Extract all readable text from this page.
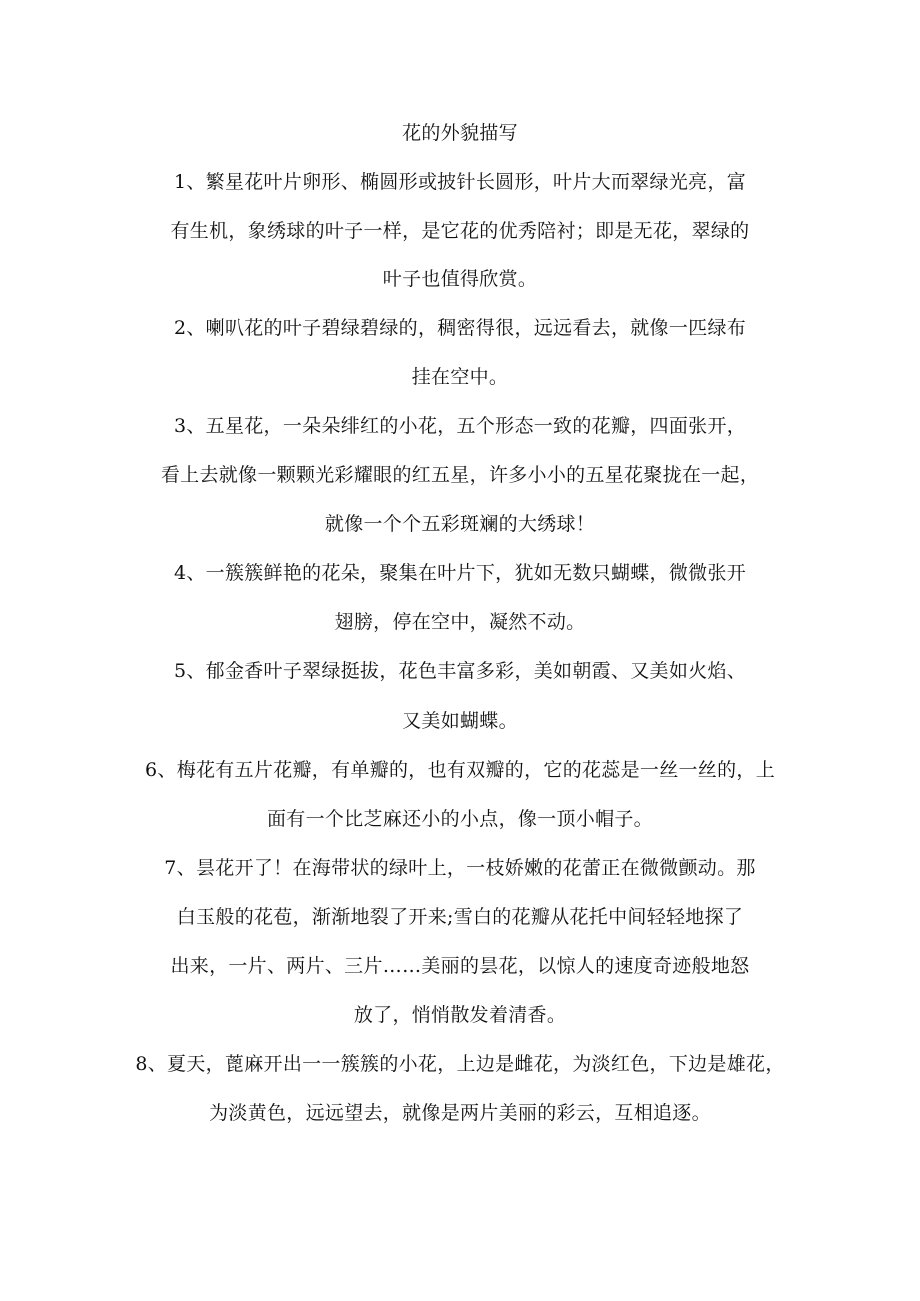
花的外貌描写
1、繁星花叶片卵形、椭圆形或披针长圆形，叶片大而翠绿光亮，富
有生机，象绣球的叶子一样，是它花的优秀陪衬；即是无花，翠绿的
叶子也值得欣赏。
2、喇叭花的叶子碧绿碧绿的，稠密得很，远远看去，就像一匹绿布
挂在空中。
3、五星花，一朵朵绯红的小花，五个形态一致的花瓣，四面张开，
看上去就像一颗颗光彩耀眼的红五星，许多小小的五星花聚拢在一起，
就像一个个五彩斑斓的大绣球！
4、一簇簇鲜艳的花朵，聚集在叶片下，犹如无数只蝴蝶，微微张开
翅膀，停在空中，凝然不动。
5、郁金香叶子翠绿挺拔，花色丰富多彩，美如朝霞、又美如火焰、
又美如蝴蝶。
6、梅花有五片花瓣，有单瓣的，也有双瓣的，它的花蕊是一丝一丝的，上
面有一个比芝麻还小的小点，像一顶小帽子。
7、昙花开了！在海带状的绿叶上，一枝娇嫩的花蕾正在微微颤动。那
白玉般的花苞，渐渐地裂了开来;雪白的花瓣从花托中间轻轻地探了
出来，一片、两片、三片……美丽的昙花，以惊人的速度奇迹般地怒
放了，悄悄散发着清香。
8、夏天，蓖麻开出一一簇簇的小花，上边是雌花，为淡红色，下边是雄花，
为淡黄色，远远望去，就像是两片美丽的彩云，互相追逐。
